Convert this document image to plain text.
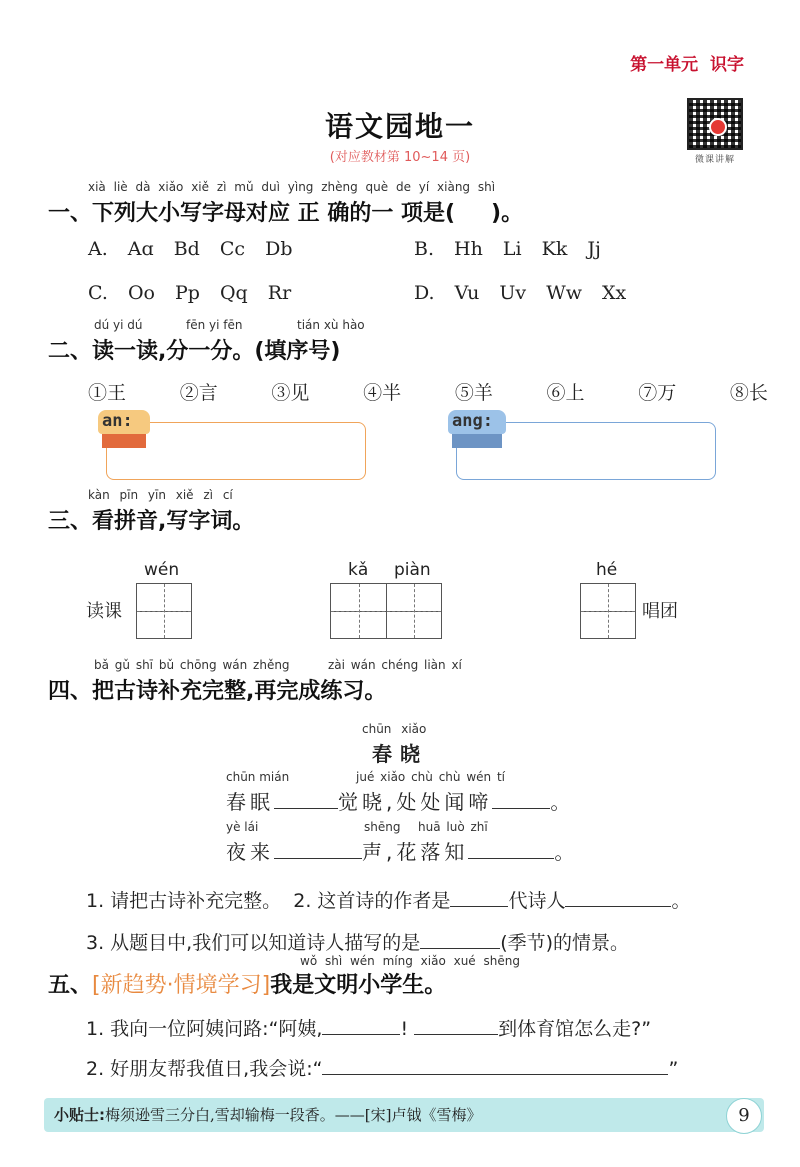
第一单元 识字
微课讲解
语文园地一
(对应教材第 10~14 页)
xià liè dà xiǎo xiě zì mǔ duì yìng zhèng què de yí xiàng shì
一、下列大小写字母对应 正 确的一 项是( )。
A. Aɑ Bd Cc Db	B. Hh Li Kk Jj
C. Oo Pp Qq Rr	D. Vu Uv Ww Xx
dú yi dú	fēn yi fēn	tián xù hào
二、读一读,分一分。(填序号)
①王	②言	③见	④半	⑤羊	⑥上	⑦万	⑧长
an:	ang:
kàn pīn yīn xiě zì cí
三、看拼音,写字词。
wén
读课
kǎ piàn	hé
唱团
bǎ gǔ shī bǔ chōng wán zhěng	zài wán chéng liàn xí
四、把古诗补充完整,再完成练习。
chūn xiǎo
春晓
chūn mián	jué xiǎo chù chù wén tí
春眠	觉晓,处处闻啼	。
yè lái	shēng huā luò zhī
夜来	声,花落知	。
1. 请把古诗补充完整。 2. 这首诗的作者是	代诗人	。
3. 从题目中,我们可以知道诗人描写的是	(季节)的情景。
wǒ shì wén míng xiǎo xué shēng
五、[新趋势·情境学习]我是文明小学生。
1. 我向一位阿姨问路:“阿姨,	!	到体育馆怎么走?”
2. 好朋友帮我值日,我会说:“	”
小贴士:梅须逊雪三分白,雪却输梅一段香。——[宋]卢钺《雪梅》	9
